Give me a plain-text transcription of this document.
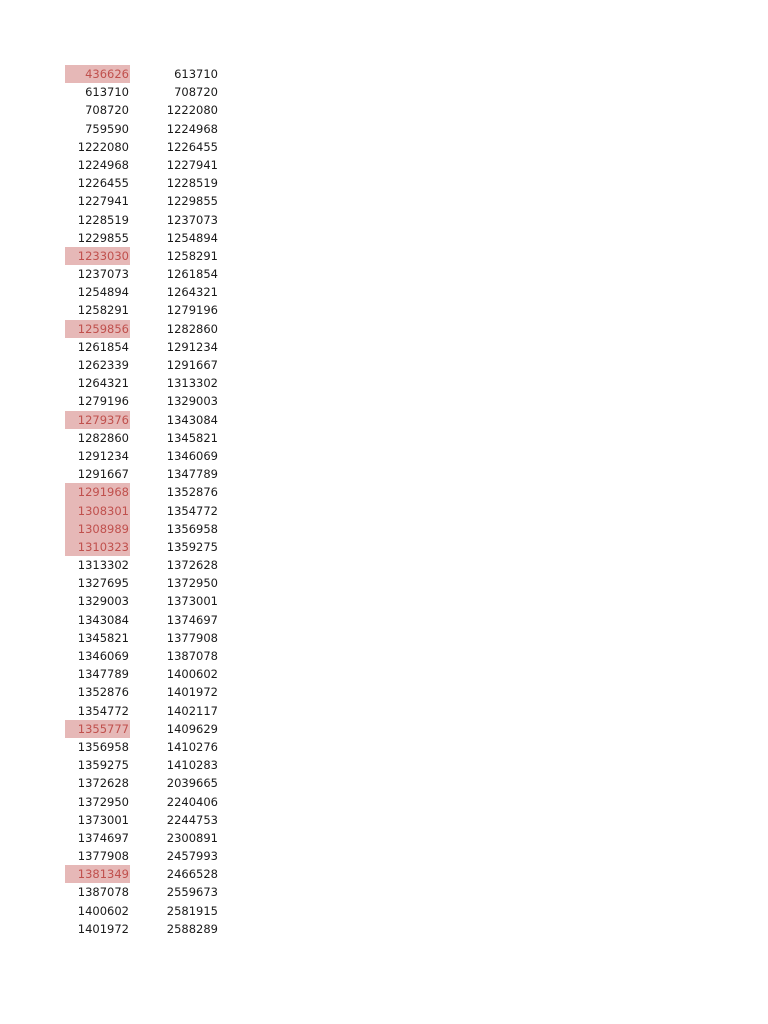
436626	613710
613710	708720
708720	1222080
759590	1224968
1222080	1226455
1224968	1227941
1226455	1228519
1227941	1229855
1228519	1237073
1229855	1254894
1233030	1258291
1237073	1261854
1254894	1264321
1258291	1279196
1259856	1282860
1261854	1291234
1262339	1291667
1264321	1313302
1279196	1329003
1279376	1343084
1282860	1345821
1291234	1346069
1291667	1347789
1291968	1352876
1308301	1354772
1308989	1356958
1310323	1359275
1313302	1372628
1327695	1372950
1329003	1373001
1343084	1374697
1345821	1377908
1346069	1387078
1347789	1400602
1352876	1401972
1354772	1402117
1355777	1409629
1356958	1410276
1359275	1410283
1372628	2039665
1372950	2240406
1373001	2244753
1374697	2300891
1377908	2457993
1381349	2466528
1387078	2559673
1400602	2581915
1401972	2588289
